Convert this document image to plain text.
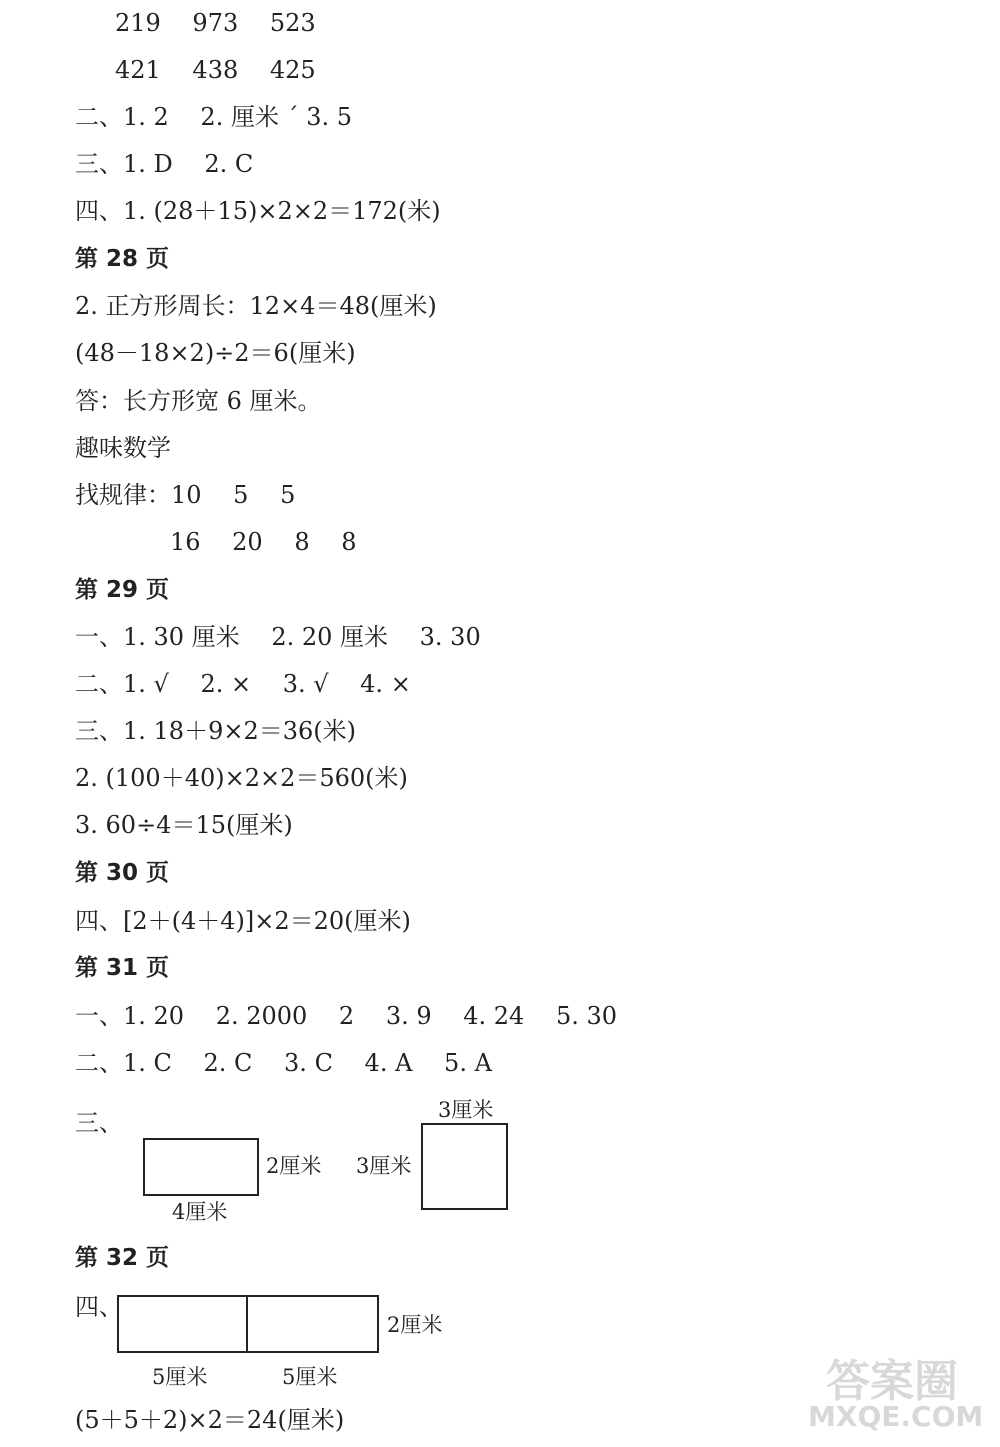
219　 973　 523
421　 438　 425
二、1. 2　 2. 厘米 ˊ 3. 5
三、1. D　 2. C
四、1. (28＋15)×2×2＝172(米)
第 28 页
2. 正方形周长：12×4＝48(厘米)
(48－18×2)÷2＝6(厘米)
答：长方形宽 6 厘米。
趣味数学
找规律：10　 5　 5
16　 20　 8　 8
第 29 页
一、1. 30 厘米　 2. 20 厘米　 3. 30
二、1. √　 2. ×　 3. √　 4. ×
三、1. 18＋9×2＝36(米)
2. (100＋40)×2×2＝560(米)
3. 60÷4＝15(厘米)
第 30 页
四、[2＋(4＋4)]×2＝20(厘米)
第 31 页
一、1. 20　 2. 2000　 2　 3. 9　 4. 24　 5. 30
二、1. C　 2. C　 3. C　 4. A　 5. A
三、
2厘米
4厘米
3厘米
3厘米
第 32 页
四、
2厘米
5厘米	5厘米
(5＋5＋2)×2＝24(厘米)
答案圈
MXQE.COM
